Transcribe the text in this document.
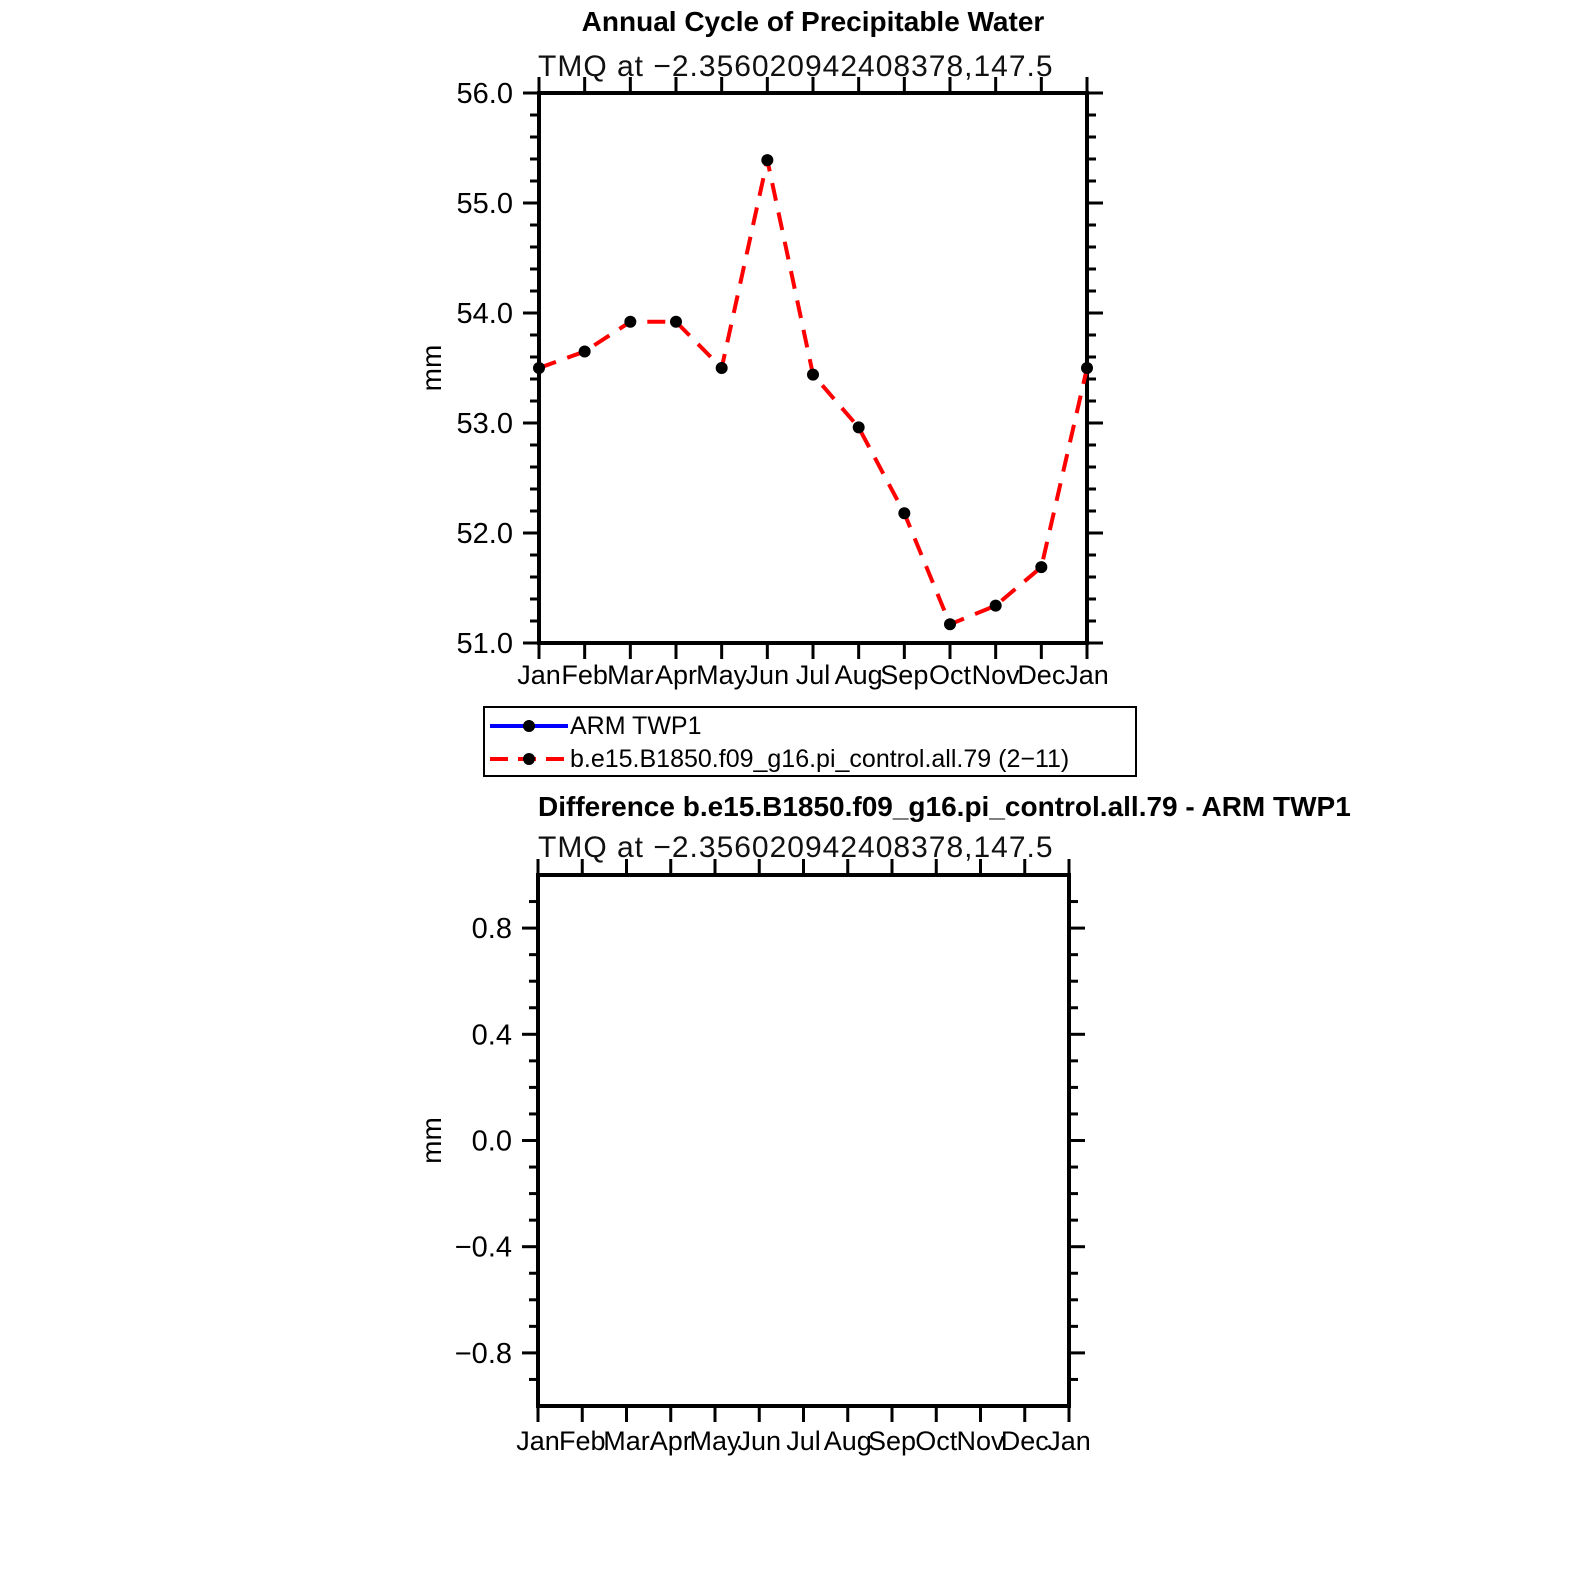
Annual Cycle of Precipitable Water
TMQ at −2.356020942408378,147.5
Jan Feb Mar Apr May
Jun Jul Aug
Sep Oct Nov
Dec Jan
51.0
52.0
53.0
54.0
55.0
56.0
mm
Jan Feb
Mar Apr
May
Jun Jul Aug
Sep Oct Nov
Dec
Jan
−0.8
−0.4
0.0
0.4
0.8
mm
ARM TWP1
b.e15.B1850.f09_g16.pi_control.all.79 (2−11)
Difference b.e15.B1850.f09_g16.pi_control.all.79 - ARM TWP1
TMQ at −2.356020942408378,147.5
